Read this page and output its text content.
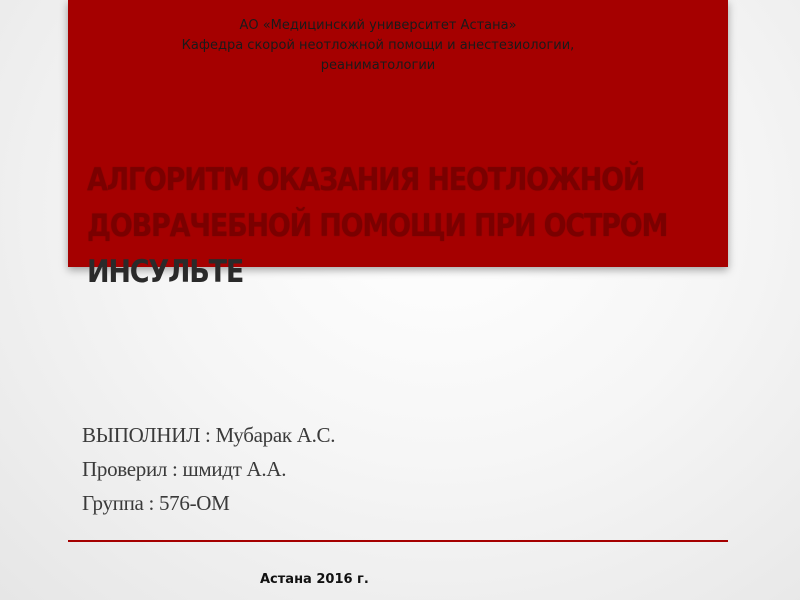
АО «Медицинский университет Астана»
Кафедра скорой неотложной помощи и анестезиологии,
реаниматологии
АЛГОРИТМ ОКАЗАНИЯ НЕОТЛОЖНОЙ
ДОВРАЧЕБНОЙ ПОМОЩИ ПРИ ОСТРОМ
ИНСУЛЬТЕ
ВЫПОЛНИЛ : Мубарак А.С.
Проверил : шмидт А.А.
Группа : 576-ОМ
Астана 2016 г.
